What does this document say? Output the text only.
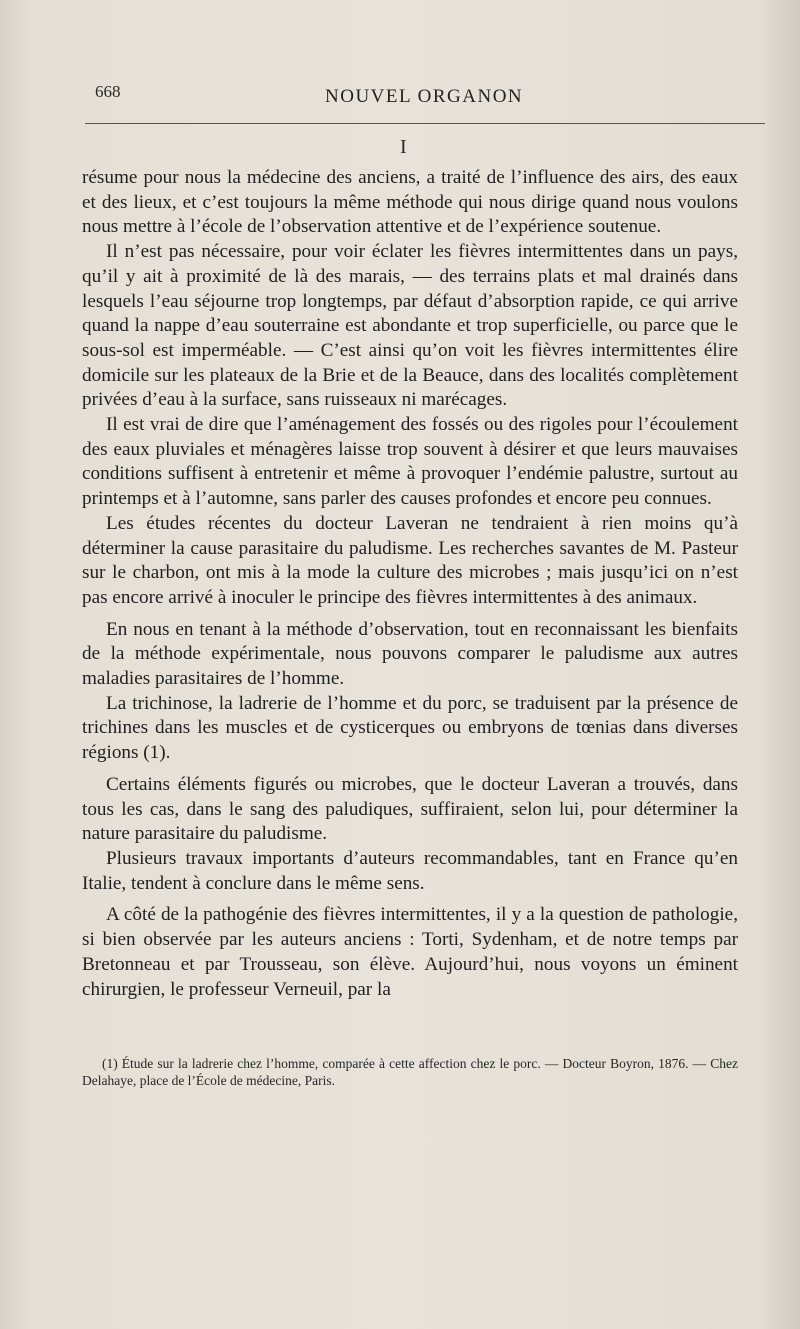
668	NOUVEL ORGANON
I

résume pour nous la médecine des anciens, a traité de l’influence des airs, des eaux et des lieux, et c’est toujours la même méthode qui nous dirige quand nous voulons nous mettre à l’école de l’observation attentive et de l’expérience soutenue.

Il n’est pas nécessaire, pour voir éclater les fièvres intermittentes dans un pays, qu’il y ait à proximité de là des marais, — des terrains plats et mal drainés dans lesquels l’eau séjourne trop longtemps, par défaut d’absorption rapide, ce qui arrive quand la nappe d’eau souterraine est abondante et trop superficielle, ou parce que le sous-sol est imperméable. — C’est ainsi qu’on voit les fièvres intermittentes élire domicile sur les plateaux de la Brie et de la Beauce, dans des localités complètement privées d’eau à la surface, sans ruisseaux ni marécages.

Il est vrai de dire que l’aménagement des fossés ou des rigoles pour l’écoulement des eaux pluviales et ménagères laisse trop souvent à désirer et que leurs mauvaises conditions suffisent à entretenir et même à provoquer l’endémie palustre, surtout au printemps et à l’automne, sans parler des causes profondes et encore peu connues.

Les études récentes du docteur Laveran ne tendraient à rien moins qu’à déterminer la cause parasitaire du paludisme. Les recherches savantes de M. Pasteur sur le charbon, ont mis à la mode la culture des microbes ; mais jusqu’ici on n’est pas encore arrivé à inoculer le principe des fièvres intermittentes à des animaux.

En nous en tenant à la méthode d’observation, tout en reconnaissant les bienfaits de la méthode expérimentale, nous pouvons comparer le paludisme aux autres maladies parasitaires de l’homme.

La trichinose, la ladrerie de l’homme et du porc, se traduisent par la présence de trichines dans les muscles et de cysticerques ou embryons de tœnias dans diverses régions (1).

Certains éléments figurés ou microbes, que le docteur Laveran a trouvés, dans tous les cas, dans le sang des paludiques, suffiraient, selon lui, pour déterminer la nature parasitaire du paludisme.

Plusieurs travaux importants d’auteurs recommandables, tant en France qu’en Italie, tendent à conclure dans le même sens.

A côté de la pathogénie des fièvres intermittentes, il y a la question de pathologie, si bien observée par les auteurs anciens : Torti, Sydenham, et de notre temps par Bretonneau et par Trousseau, son élève. Aujourd’hui, nous voyons un éminent chirurgien, le professeur Verneuil, par la

(1) Étude sur la ladrerie chez l’homme, comparée à cette affection chez le porc. — Docteur Boyron, 1876. — Chez Delahaye, place de l’École de médecine, Paris.
